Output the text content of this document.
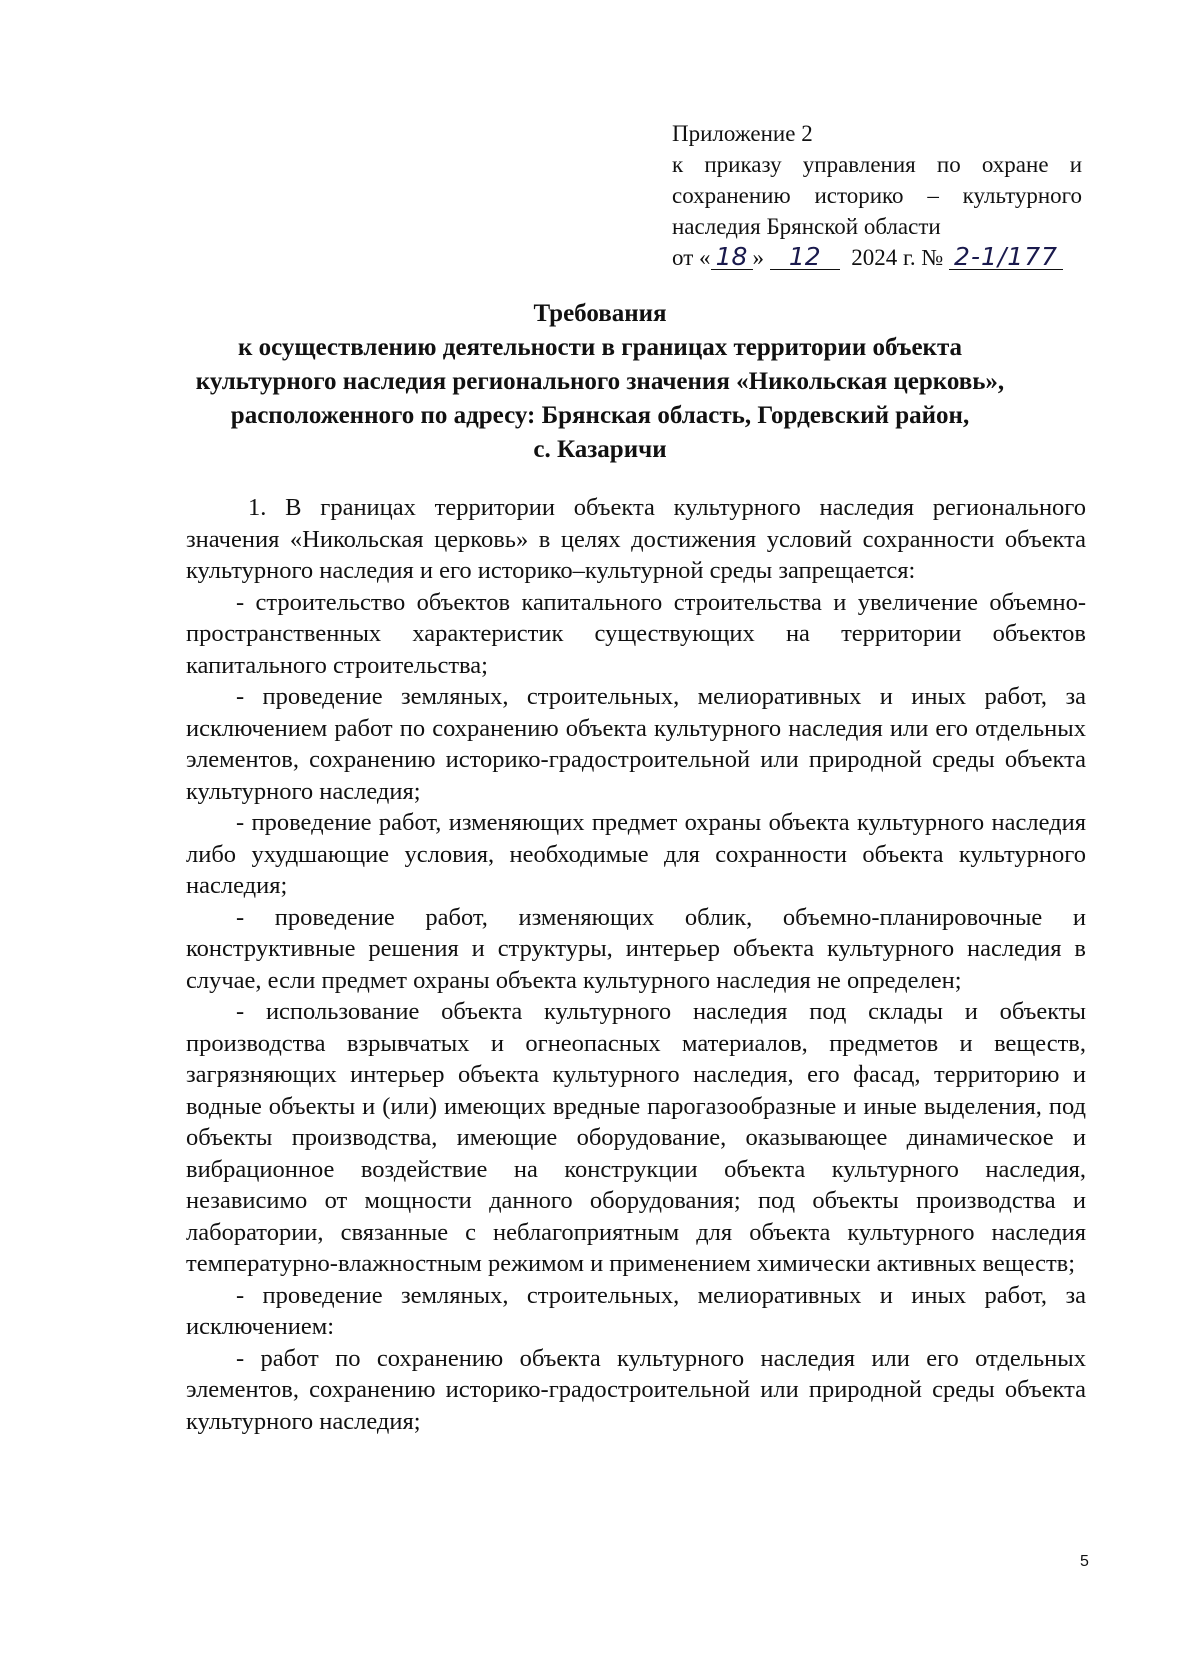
Приложение 2
к приказу управления по охране и сохранению историко – культурного
наследия Брянской области
от « 18 » 12 2024 г. № 2-1/177
Требования
к осуществлению деятельности в границах территории объекта
культурного наследия регионального значения «Никольская церковь»,
расположенного по адресу: Брянская область, Гордевский район,
с. Казаричи

1. В границах территории объекта культурного наследия регионального значения «Никольская церковь» в целях достижения условий сохранности объекта культурного наследия и его историко–культурной среды запрещается:

- строительство объектов капитального строительства и увеличение объемно-пространственных характеристик существующих на территории объектов капитального строительства;

- проведение земляных, строительных, мелиоративных и иных работ, за исключением работ по сохранению объекта культурного наследия или его отдельных элементов, сохранению историко-градостроительной или природной среды объекта культурного наследия;

- проведение работ, изменяющих предмет охраны объекта культурного наследия либо ухудшающие условия, необходимые для сохранности объекта культурного наследия;

- проведение работ, изменяющих облик, объемно-планировочные и конструктивные решения и структуры, интерьер объекта культурного наследия в случае, если предмет охраны объекта культурного наследия не определен;

- использование объекта культурного наследия под склады и объекты производства взрывчатых и огнеопасных материалов, предметов и веществ, загрязняющих интерьер объекта культурного наследия, его фасад, территорию и водные объекты и (или) имеющих вредные парогазообразные и иные выделения, под объекты производства, имеющие оборудование, оказывающее динамическое и вибрационное воздействие на конструкции объекта культурного наследия, независимо от мощности данного оборудования; под объекты производства и лаборатории, связанные с неблагоприятным для объекта культурного наследия температурно-влажностным режимом и применением химически активных веществ;

- проведение земляных, строительных, мелиоративных и иных работ, за исключением:

- работ по сохранению объекта культурного наследия или его отдельных элементов, сохранению историко-градостроительной или природной среды объекта культурного наследия;

5
